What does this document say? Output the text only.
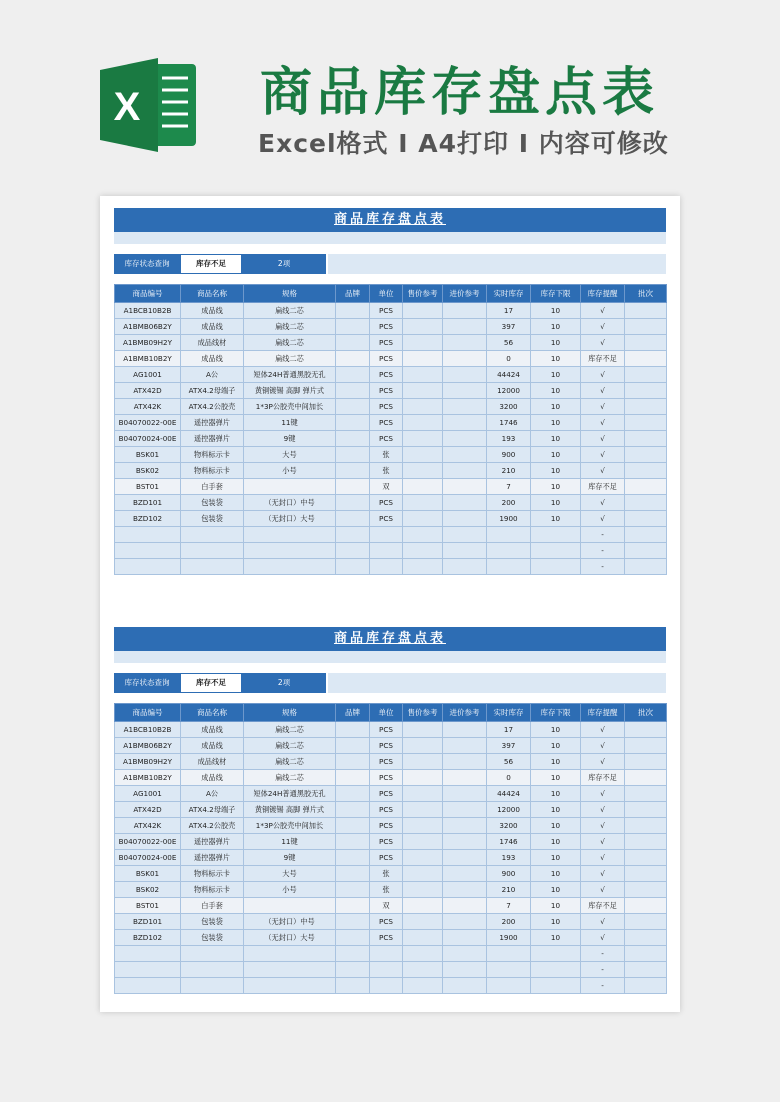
X 商品库存盘点表
Excel格式 I A4打印 I 内容可修改
商品库存盘点表
库存状态查询	库存不足	2项
商品编号	商品名称	规格	品牌	单位	售价参考	进价参考	实时库存	库存下限	库存提醒	批次
A1BCB10B2B	成品线	扁线二芯		PCS			17	10	√	
A1BMB06B2Y	成品线	扁线二芯		PCS			397	10	√	
A1BMB09H2Y	成品线材	扁线二芯		PCS			56	10	√	
A1BMB10B2Y	成品线	扁线二芯		PCS			0	10	库存不足	
AG1001	A公	短体24H普通黑胶无孔		PCS			44424	10	√	
ATX42D	ATX4.2母端子	黄铜镀锡 高脚 弹片式		PCS			12000	10	√	
ATX42K	ATX4.2公胶壳	1*3P公胶壳中间加长		PCS			3200	10	√	
B04070022-00E	遥控器弹片	11键		PCS			1746	10	√	
B04070024-00E	遥控器弹片	9键		PCS			193	10	√	
BSK01	物料标示卡	大号		张			900	10	√	
BSK02	物料标示卡	小号		张			210	10	√	
BST01	白手套			双			7	10	库存不足	
BZD101	包装袋	（无封口）中号		PCS			200	10	√	
BZD102	包装袋	（无封口）大号		PCS			1900	10	√	
									-	
									-	
									-	
商品库存盘点表
库存状态查询	库存不足	2项
商品编号	商品名称	规格	品牌	单位	售价参考	进价参考	实时库存	库存下限	库存提醒	批次
A1BCB10B2B	成品线	扁线二芯		PCS			17	10	√	
A1BMB06B2Y	成品线	扁线二芯		PCS			397	10	√	
A1BMB09H2Y	成品线材	扁线二芯		PCS			56	10	√	
A1BMB10B2Y	成品线	扁线二芯		PCS			0	10	库存不足	
AG1001	A公	短体24H普通黑胶无孔		PCS			44424	10	√	
ATX42D	ATX4.2母端子	黄铜镀锡 高脚 弹片式		PCS			12000	10	√	
ATX42K	ATX4.2公胶壳	1*3P公胶壳中间加长		PCS			3200	10	√	
B04070022-00E	遥控器弹片	11键		PCS			1746	10	√	
B04070024-00E	遥控器弹片	9键		PCS			193	10	√	
BSK01	物料标示卡	大号		张			900	10	√	
BSK02	物料标示卡	小号		张			210	10	√	
BST01	白手套			双			7	10	库存不足	
BZD101	包装袋	（无封口）中号		PCS			200	10	√	
BZD102	包装袋	（无封口）大号		PCS			1900	10	√	
									-	
									-	
									-	
